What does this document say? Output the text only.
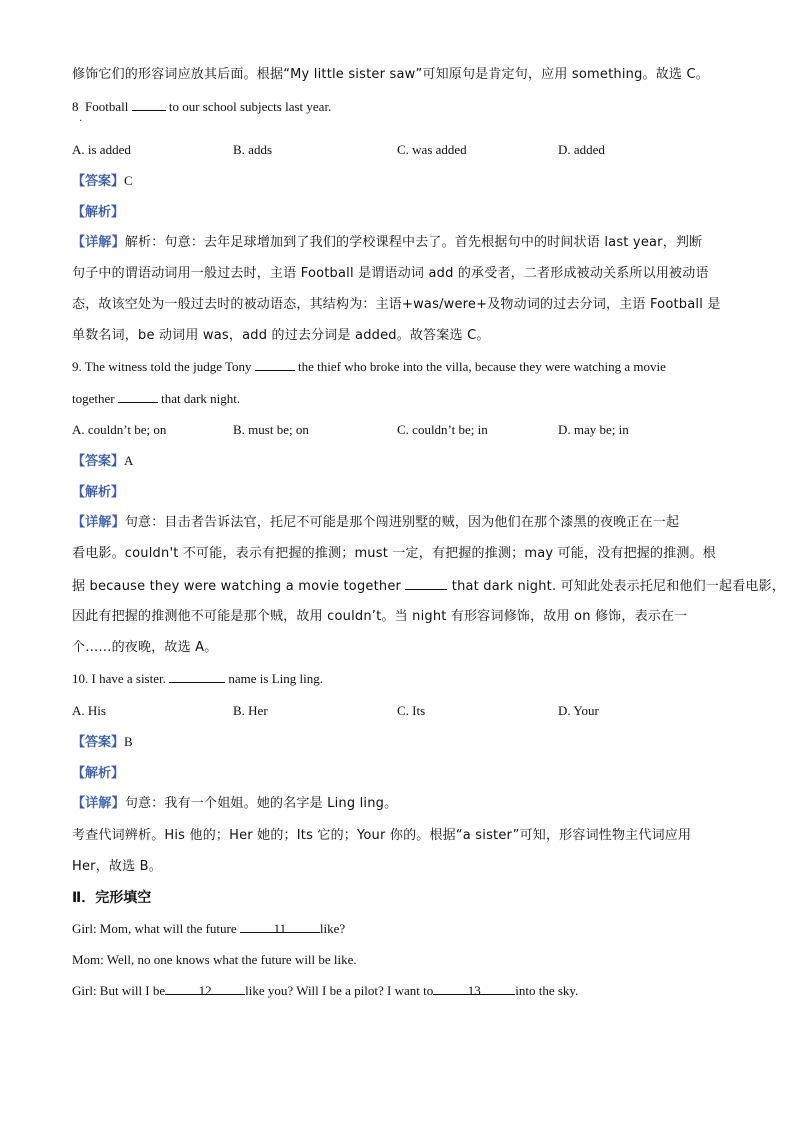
修饰它们的形容词应放其后面。根据“My little sister saw”可知原句是肯定句，应用 something。故选 C。
8 Football	to our school subjects last year.
·
A. is added	B. adds	C. was added	D. added
【答案】C
【解析】
【详解】解析：句意：去年足球增加到了我们的学校课程中去了。首先根据句中的时间状语 last year，判断
句子中的谓语动词用一般过去时，主语 Football 是谓语动词 add 的承受者，二者形成被动关系所以用被动语
态，故该空处为一般过去时的被动语态，其结构为：主语+was/were+及物动词的过去分词，主语 Football 是
单数名词，be 动词用 was，add 的过去分词是 added。故答案选 C。
9. The witness told the judge Tony	the thief who broke into the villa, because they were watching a movie
together	that dark night.
A. couldn’t be; on	B. must be; on	C. couldn’t be; in	D. may be; in
【答案】A
【解析】
【详解】句意：目击者告诉法官，托尼不可能是那个闯进别墅的贼，因为他们在那个漆黑的夜晚正在一起
看电影。couldn't 不可能，表示有把握的推测；must 一定，有把握的推测；may 可能，没有把握的推测。根
据 because they were watching a movie together	that dark night. 可知此处表示托尼和他们一起看电影，
因此有把握的推测他不可能是那个贼，故用 couldn’t。当 night 有形容词修饰，故用 on 修饰，表示在一
个……的夜晚，故选 A。
10. I have a sister.	name is Ling ling.
A. His	B. Her	C. Its	D. Your
【答案】B
【解析】
【详解】句意：我有一个姐姐。她的名字是 Ling ling。
考查代词辨析。His 他的；Her 她的；Its 它的；Your 你的。根据“a sister”可知，形容词性物主代词应用
Her，故选 B。
Ⅱ．完形填空
Girl: Mom, what will the future	11	like?
Mom: Well, no one knows what the future will be like.
Girl: But will I be	12	like you? Will I be a pilot? I want to	13	into the sky.
